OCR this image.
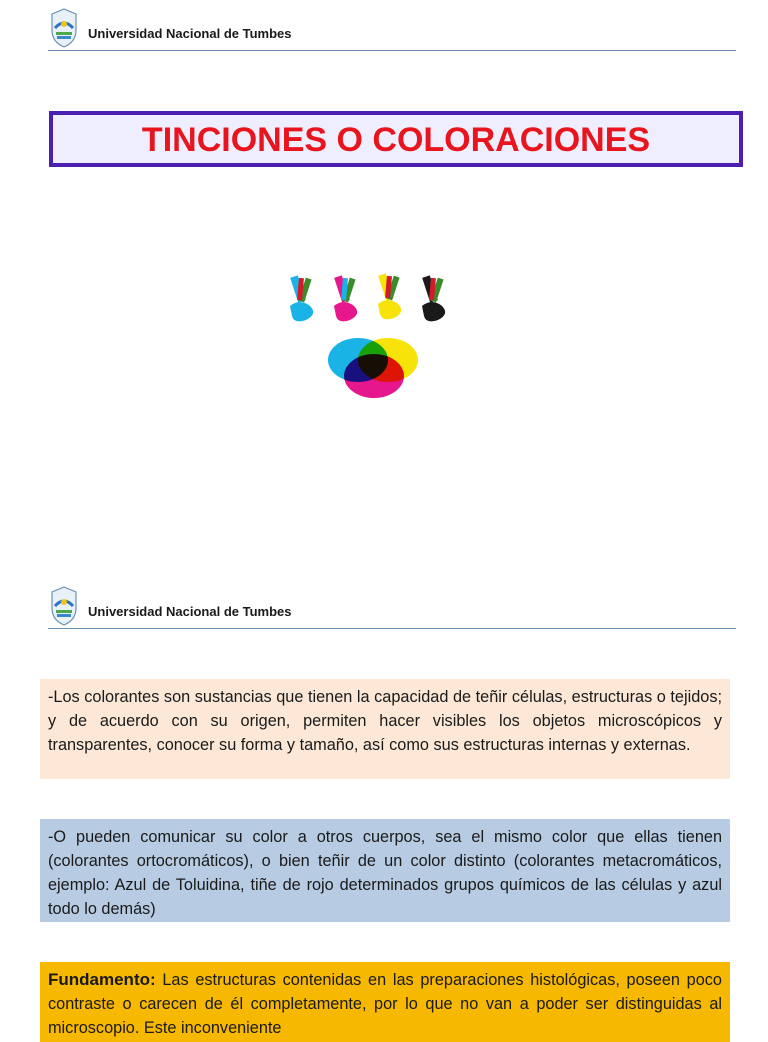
Universidad Nacional de Tumbes
TINCIONES O COLORACIONES
Universidad Nacional de Tumbes
-Los colorantes son sustancias que tienen la capacidad de teñir células, estructuras o tejidos; y de acuerdo con su origen, permiten hacer visibles los objetos microscópicos y transparentes, conocer su forma y tamaño, así como sus estructuras internas y externas.
-O pueden comunicar su color a otros cuerpos, sea el mismo color que ellas tienen (colorantes ortocromáticos), o bien teñir de un color distinto (colorantes metacromáticos, ejemplo: Azul de Toluidina, tiñe de rojo determinados grupos químicos de las células y azul todo lo demás)
Fundamento: Las estructuras contenidas en las preparaciones histológicas, poseen poco contraste o carecen de él completamente, por lo que no van a poder ser distinguidas al microscopio. Este inconveniente
